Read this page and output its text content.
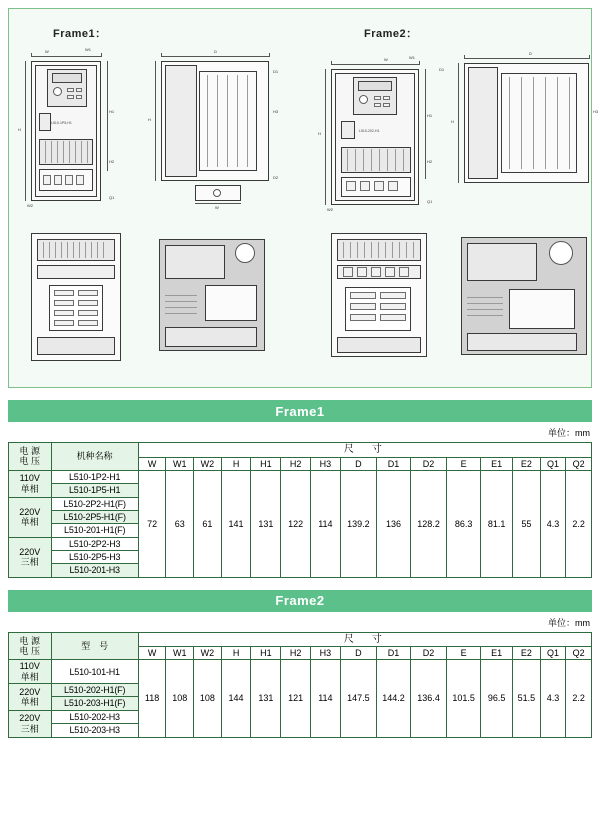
Frame1：	Frame2：
W	W1
L510-1P5-H1
H
H1
H2
Q1
W2
D
H
H3
W
D1
D2
W	W1
L510-202-H1
H
H1
H2
W2
Q1
D
H
D1
H3
Frame1
单位：mm
电 源
电 压	机种名称	尺　寸														
		W	W1	W2	H	H1	H2	H3	D	D1	D2	E	E1	E2	Q1	Q2
110V
单相	L510-1P2-H1	72	63	61	141	131	122	114	139.2	136	128.2	86.3	81.1	55	4.3	2.2
	L510-1P5-H1															
220V
单相	L510-2P2-H1(F)															
	L510-2P5-H1(F)															
	L510-201-H1(F)															
220V
三相	L510-2P2-H3															
	L510-2P5-H3															
	L510-201-H3															
Frame2
单位：mm
电 源
电 压	型　号	尺　寸														
		W	W1	W2	H	H1	H2	H3	D	D1	D2	E	E1	E2	Q1	Q2
110V
单相	L510-101-H1	118	108	108	144	131	121	114	147.5	144.2	136.4	101.5	96.5	51.5	4.3	2.2
220V
单相	L510-202-H1(F)															
	L510-203-H1(F)															
220V
三相	L510-202-H3															
	L510-203-H3															
